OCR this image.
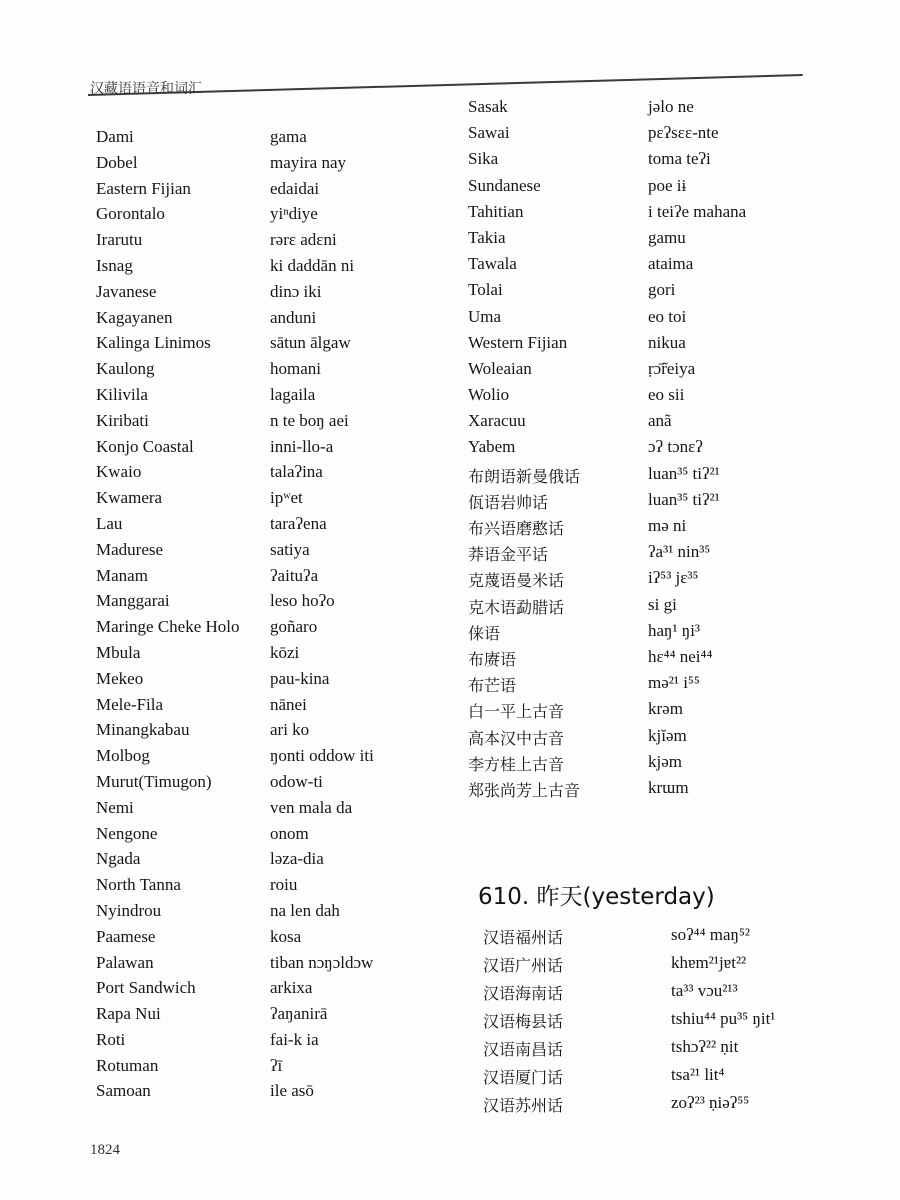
汉藏语语音和词汇
Dami	gama
Dobel	mayira nay
Eastern Fijian	edaidai
Gorontalo	yiⁿdiye
Irarutu	rərɛ adɛni
Isnag	ki daddān ni
Javanese	dinɔ iki
Kagayanen	anduni
Kalinga Linimos	sātun ālgaw
Kaulong	homani
Kilivila	lagaila
Kiribati	n te boŋ aei
Konjo Coastal	inni-llo-a
Kwaio	talaʔina
Kwamera	ipʷet
Lau	taraʔena
Madurese	satiya
Manam	ʔaituʔa
Manggarai	leso hoʔo
Maringe Cheke Holo	goñaro
Mbula	kōzi
Mekeo	pau-kina
Mele-Fila	nānei
Minangkabau	ari ko
Molbog	ŋonti oddow iti
Murut(Timugon)	odow-ti
Nemi	ven mala da
Nengone	onom
Ngada	ləza-dia
North Tanna	roiu
Nyindrou	na len dah
Paamese	kosa
Palawan	tiban nɔŋɔldɔw
Port Sandwich	arkixa
Rapa Nui	ʔaŋanirā
Roti	fai-k ia
Rotuman	ʔī
Samoan	ile asō
Sasak	jəlo ne
Sawai	pɛʔsɛɛ-nte
Sika	toma teʔi
Sundanese	poe iɨ
Tahitian	i teiʔe mahana
Takia	gamu
Tawala	ataima
Tolai	gori
Uma	eo toi
Western Fijian	nikua
Woleaian	ṛɔ̄r̃eiya
Wolio	eo sii
Xaracuu	anã
Yabem	ɔʔ tɔnɛʔ
布朗语新曼俄话	luan³⁵ tiʔ²¹
佤语岩帅话	luan³⁵ tiʔ²¹
布兴语磨憨话	mə ni
莽语金平话	ʔa³¹ nin³⁵
克蔑语曼米话	iʔ⁵³ jɛ³⁵
克木语勐腊话	si gi
俫语	haŋ¹ ŋi³
布赓语	hɛ⁴⁴ nei⁴⁴
布芒语	mə²¹ i⁵⁵
白一平上古音	krəm
高本汉中古音	kjĭəm
李方桂上古音	kjəm
郑张尚芳上古音	krɯm
610. 昨天(yesterday)
汉语福州话	soʔ⁴⁴ maŋ⁵²
汉语广州话	khɐm²¹jɐt²²
汉语海南话	ta³³ vɔu²¹³
汉语梅县话	tshiu⁴⁴ pu³⁵ ŋit¹
汉语南昌话	tshɔʔ²² ṇit
汉语厦门话	tsa²¹ lit⁴
汉语苏州话	zoʔ²³ ṇiəʔ⁵⁵
1824
